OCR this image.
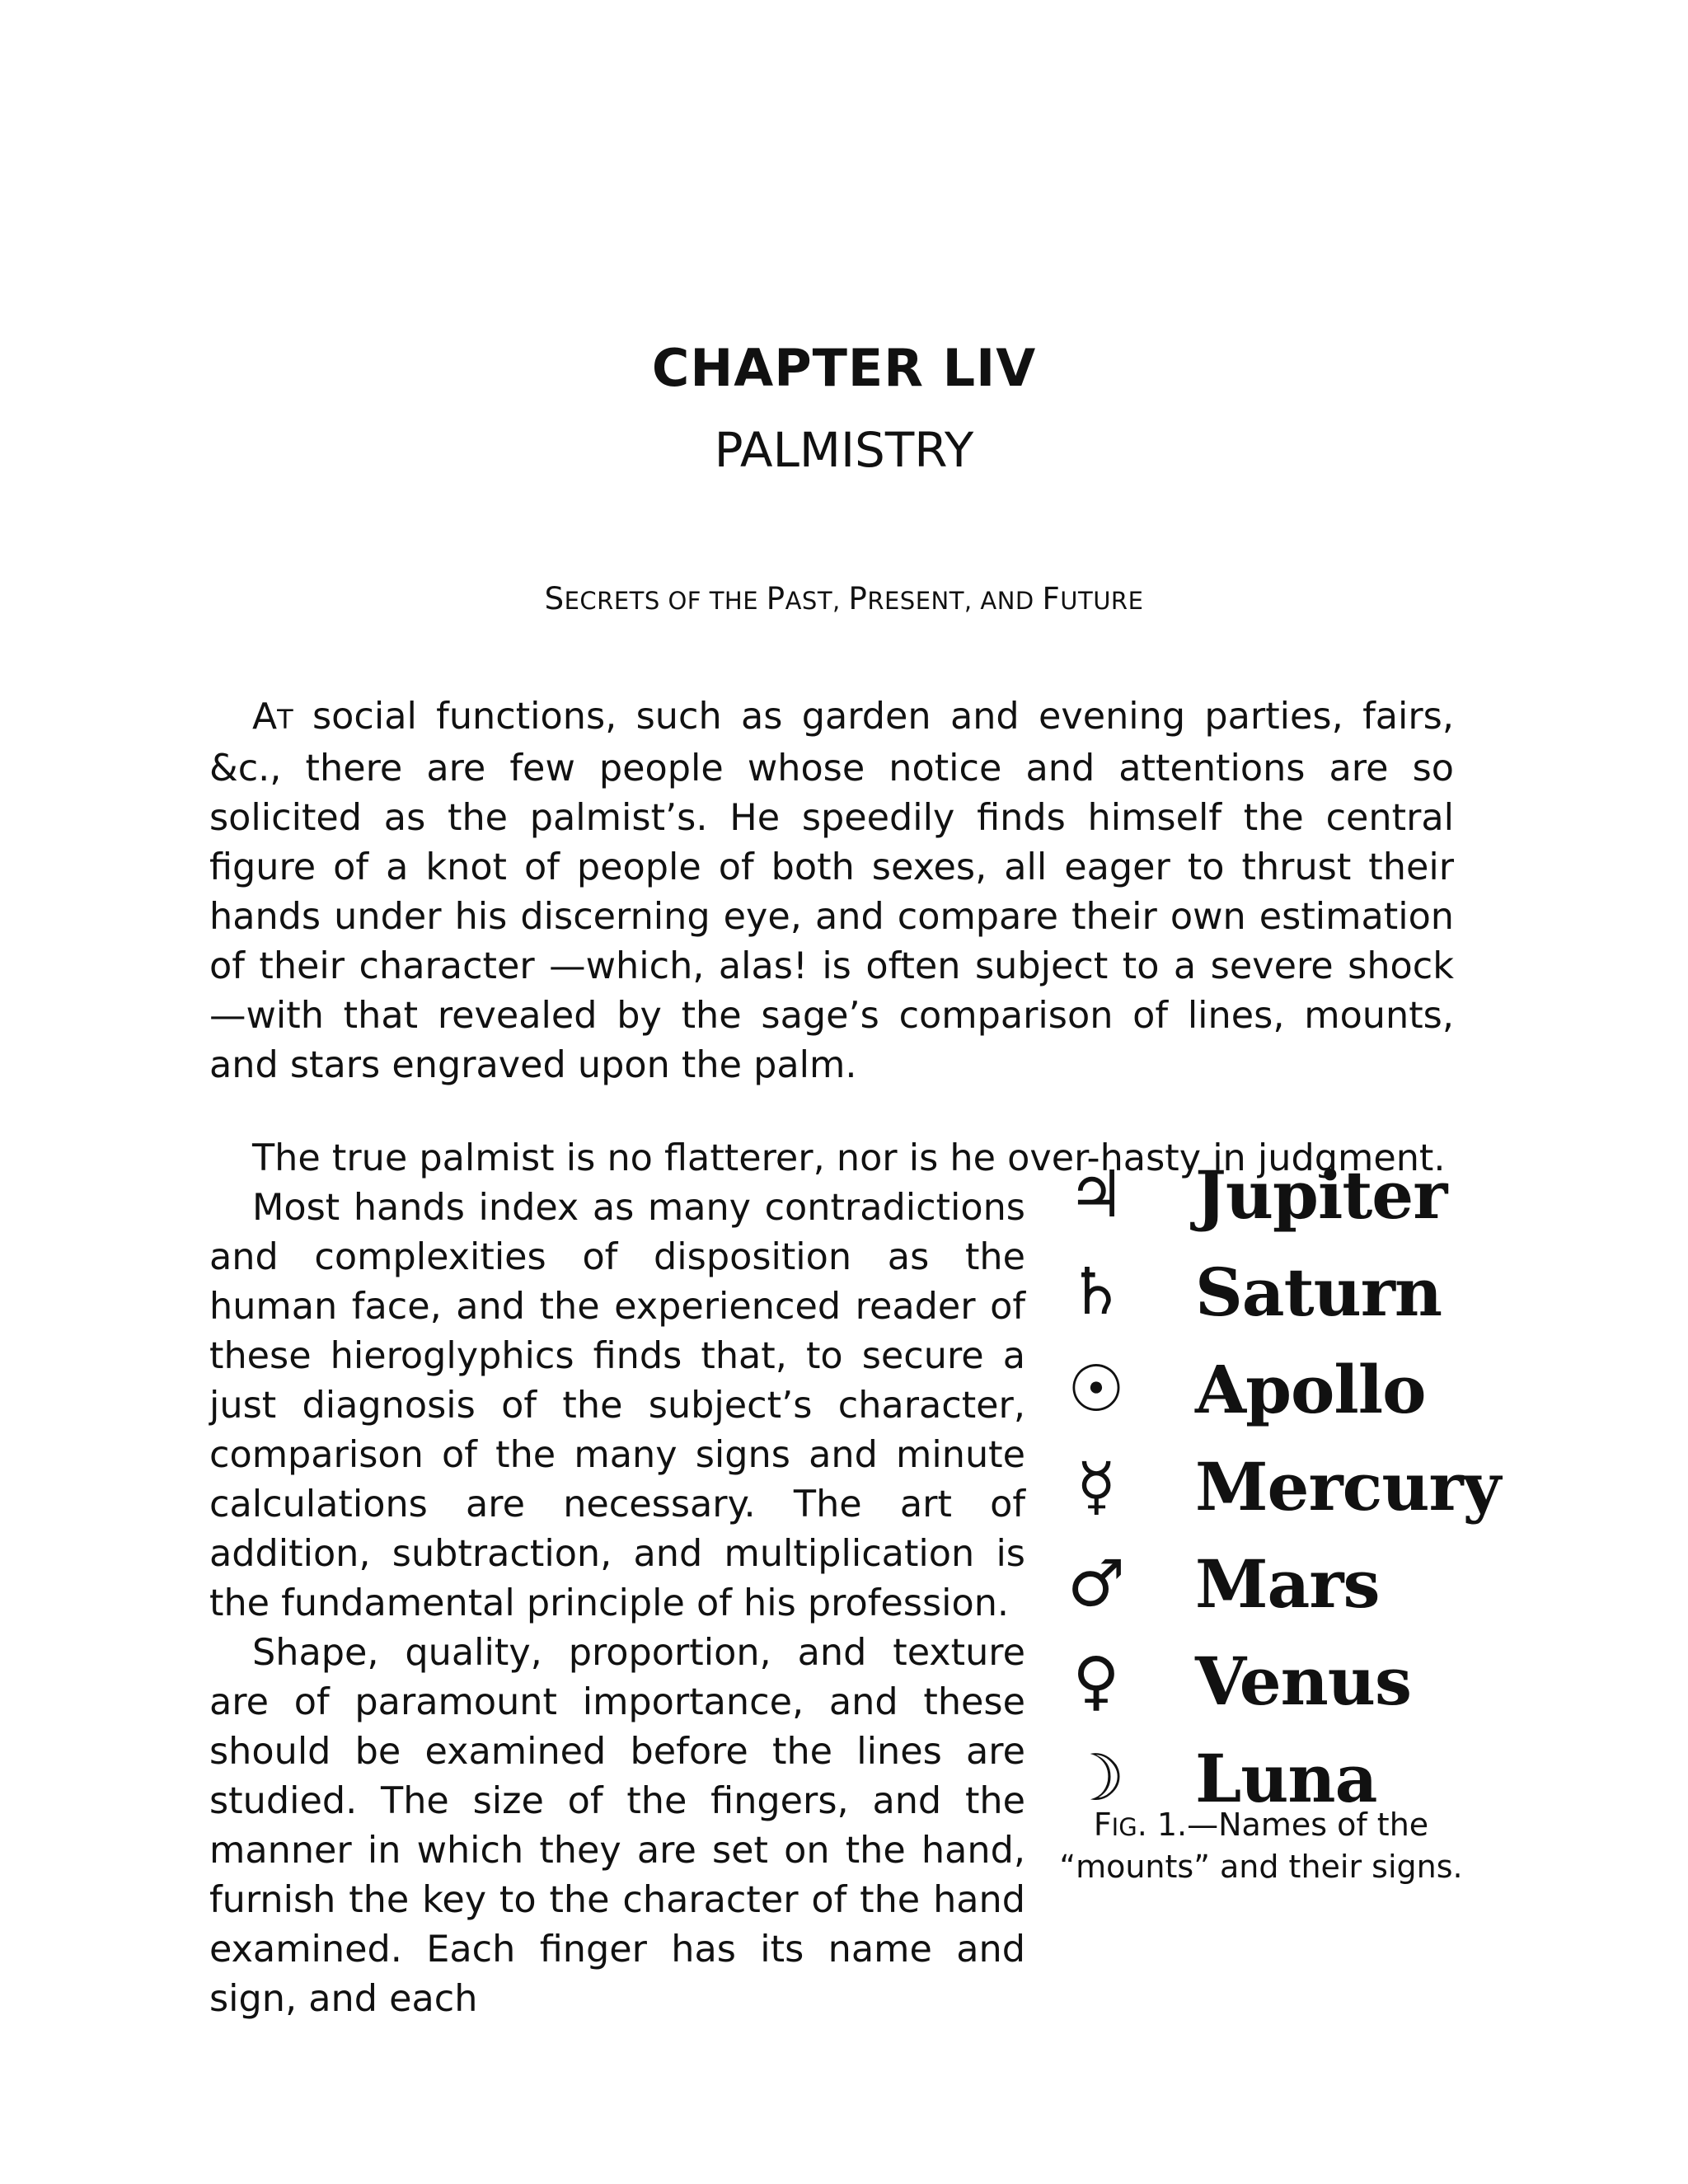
CHAPTER LIV
PALMISTRY
SECRETS OF THE PAST, PRESENT, AND FUTURE

AT social functions, such as garden and evening parties, fairs, &c., there are few people whose notice and attentions are so solicited as the palmist’s. He speedily finds himself the central figure of a knot of people of both sexes, all eager to thrust their hands under his discerning eye, and compare their own estimation of their character —which, alas! is often subject to a severe shock—with that revealed by the sage’s comparison of lines, mounts, and stars engraved upon the palm.

The true palmist is no flatterer, nor is he over-hasty in judgment.

Most hands index as many contradictions and complexities of disposition as the human face, and the experienced reader of these hieroglyphics finds that, to secure a just diagnosis of the subject’s character, comparison of the many signs and minute calculations are necessary. The art of addition, subtraction, and multiplication is the fundamental principle of his profession.

Shape, quality, proportion, and texture are of paramount importance, and these should be examined before the lines are studied. The size of the fingers, and the manner in which they are set on the hand, furnish the key to the character of the hand examined. Each finger has its name and sign, and each

♃	Jupiter
♄	Saturn
☉	Apollo
☿	Mercury
♂	Mars
♀	Venus
☽	Luna
FIG. 1.—Names of the
“mounts” and their signs.
